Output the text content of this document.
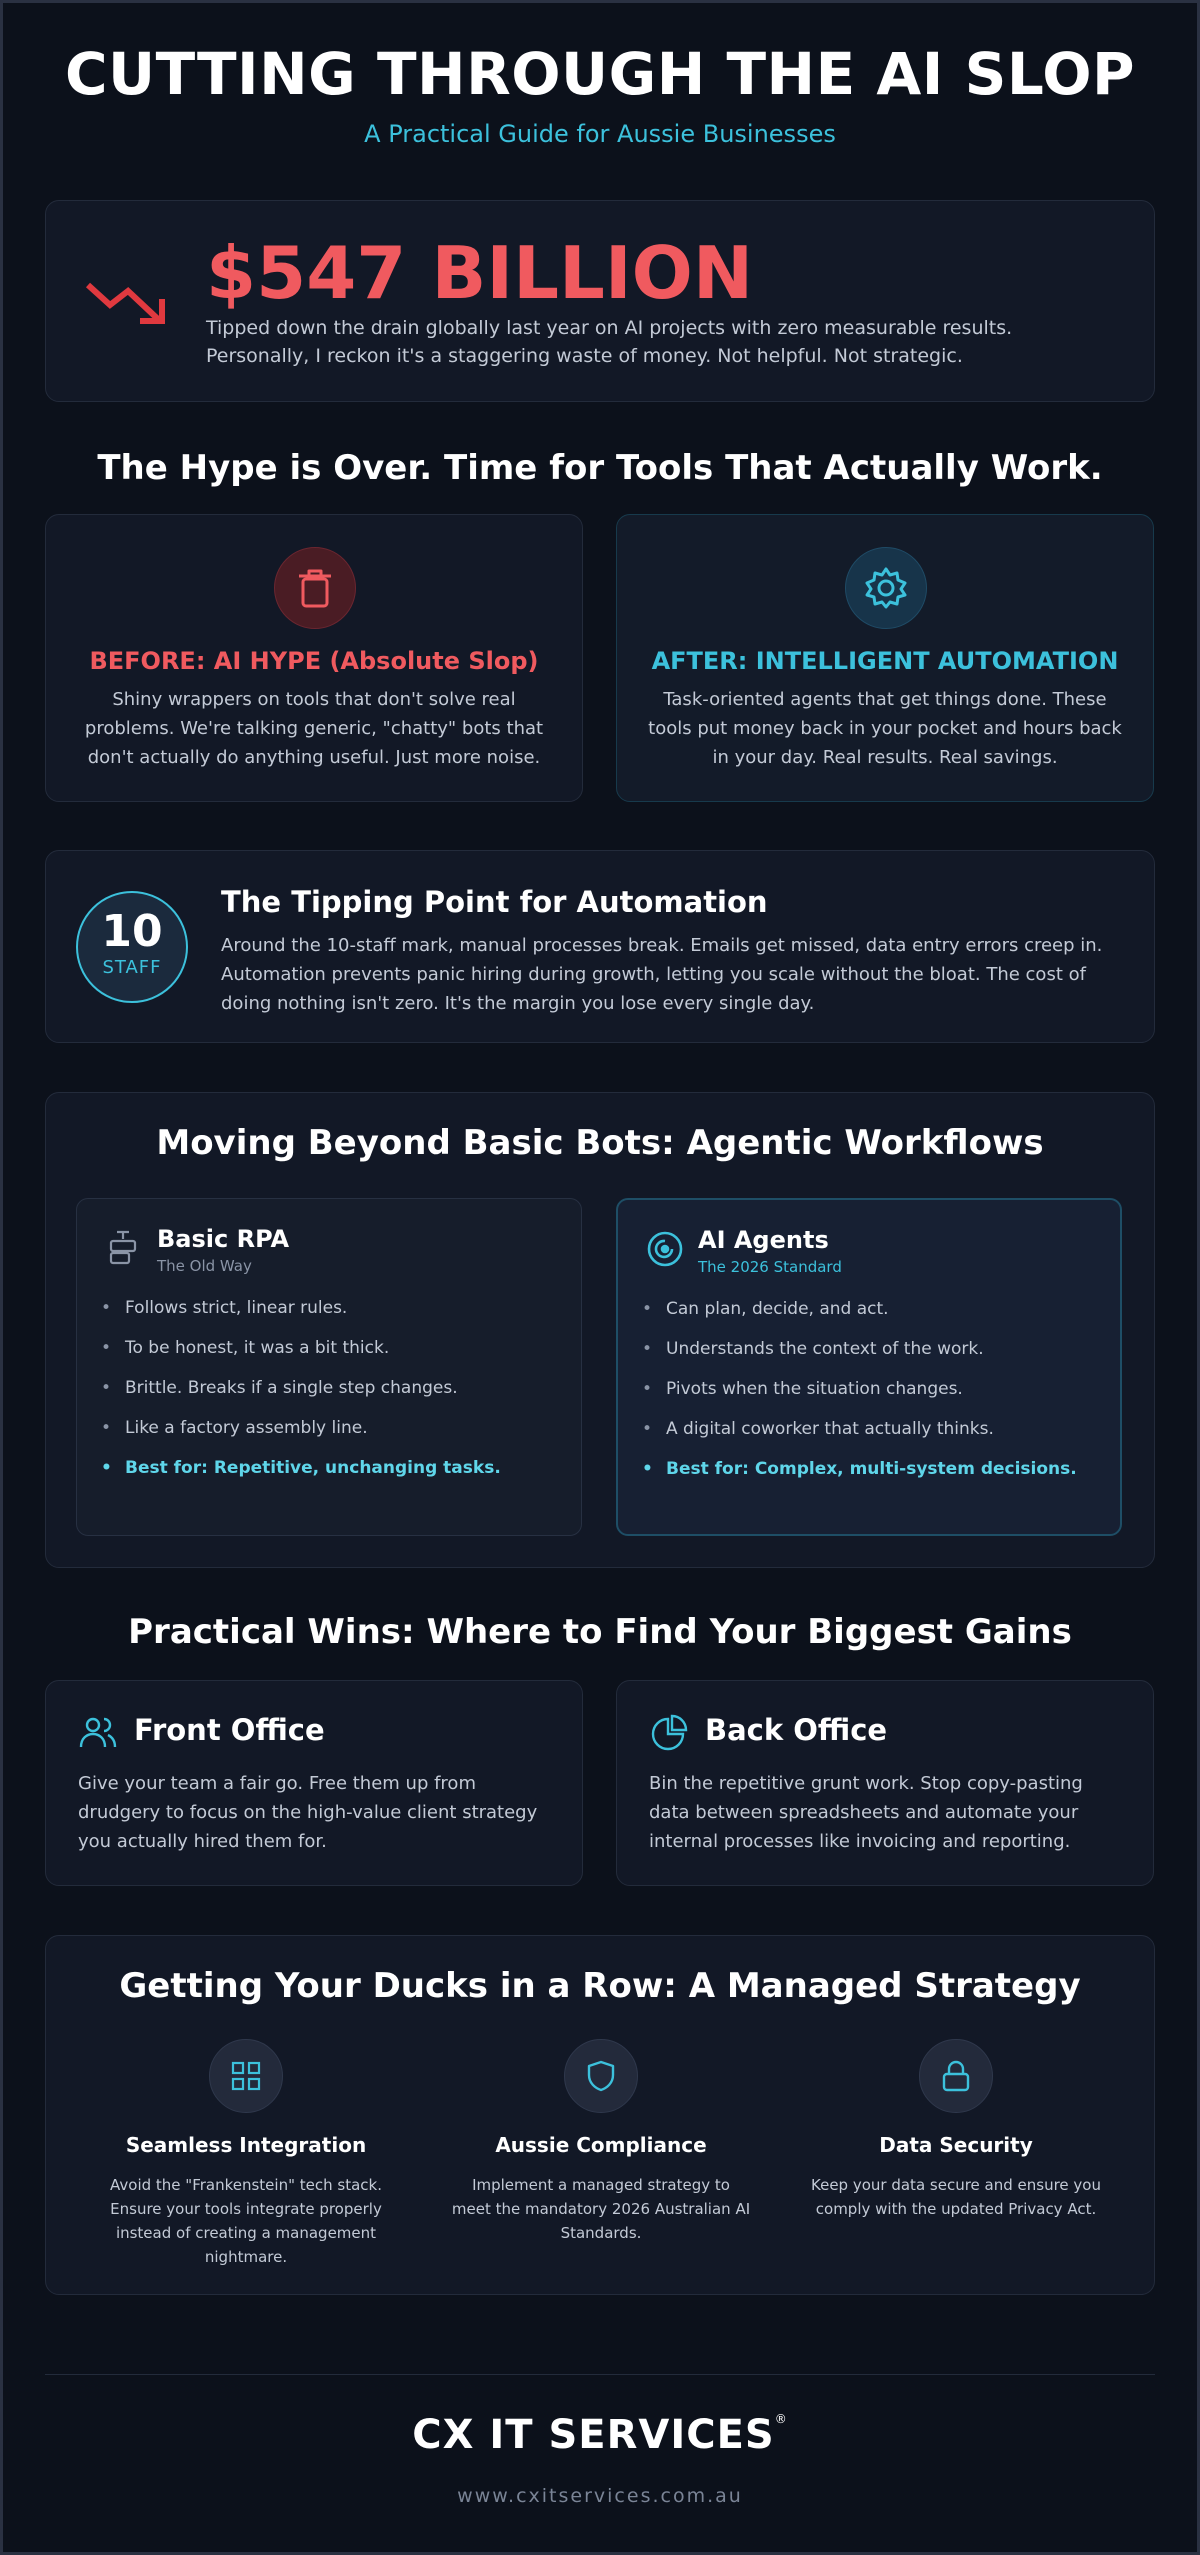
CUTTING THROUGH THE AI SLOP
A Practical Guide for Aussie Businesses
$547 BILLION
Tipped down the drain globally last year on AI projects with zero measurable results. Personally, I reckon it's a staggering waste of money. Not helpful. Not strategic.
The Hype is Over. Time for Tools That Actually Work.
BEFORE: AI HYPE (Absolute Slop)
Shiny wrappers on tools that don't solve real problems. We're talking generic, "chatty" bots that don't actually do anything useful. Just more noise.
AFTER: INTELLIGENT AUTOMATION
Task-oriented agents that get things done. These tools put money back in your pocket and hours back in your day. Real results. Real savings.
10
STAFF
The Tipping Point for Automation
Around the 10-staff mark, manual processes break. Emails get missed, data entry errors creep in. Automation prevents panic hiring during growth, letting you scale without the bloat. The cost of doing nothing isn't zero. It's the margin you lose every single day.
Moving Beyond Basic Bots: Agentic Workflows
Basic RPA
The Old Way
• Follows strict, linear rules.
• To be honest, it was a bit thick.
• Brittle. Breaks if a single step changes.
• Like a factory assembly line.
• Best for: Repetitive, unchanging tasks.
AI Agents
The 2026 Standard
• Can plan, decide, and act.
• Understands the context of the work.
• Pivots when the situation changes.
• A digital coworker that actually thinks.
• Best for: Complex, multi-system decisions.
Practical Wins: Where to Find Your Biggest Gains
Front Office
Give your team a fair go. Free them up from drudgery to focus on the high-value client strategy you actually hired them for.
Back Office
Bin the repetitive grunt work. Stop copy-pasting data between spreadsheets and automate your internal processes like invoicing and reporting.
Getting Your Ducks in a Row: A Managed Strategy
Seamless Integration
Avoid the "Frankenstein" tech stack. Ensure your tools integrate properly instead of creating a management nightmare.
Aussie Compliance
Implement a managed strategy to meet the mandatory 2026 Australian AI Standards.
Data Security
Keep your data secure and ensure you comply with the updated Privacy Act.
CX IT SERVICES®
www.cxitservices.com.au
